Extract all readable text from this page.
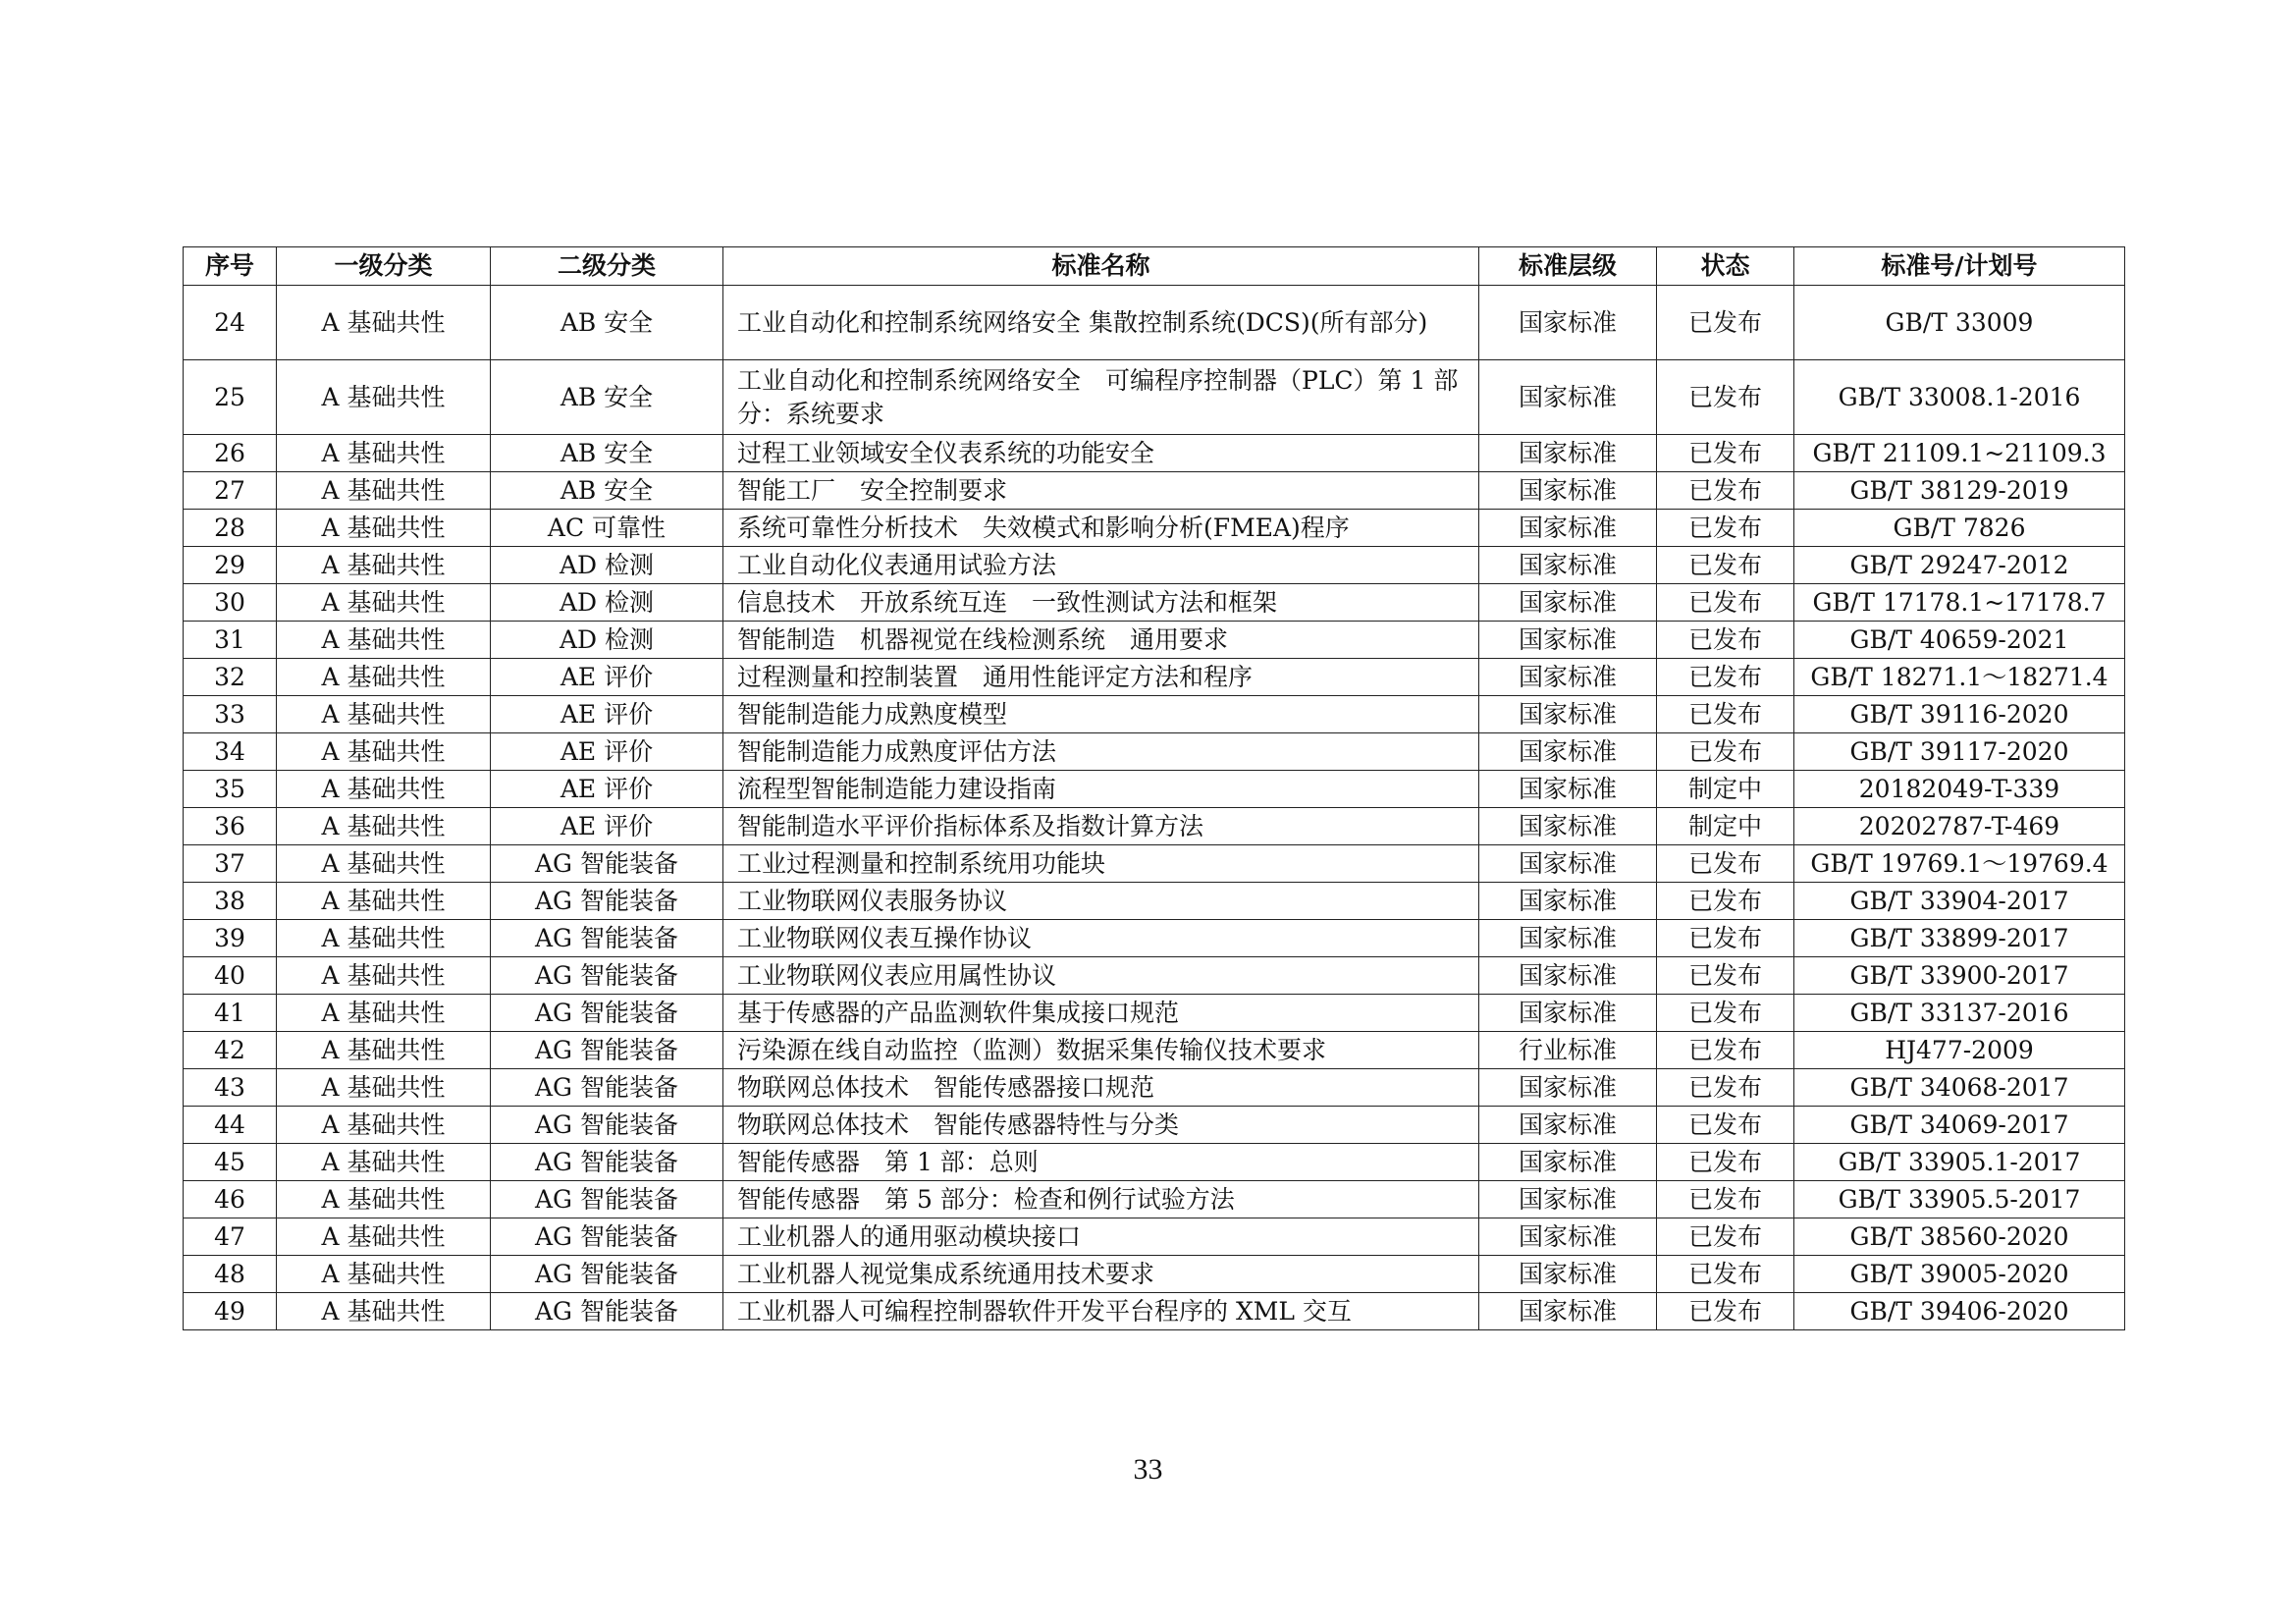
序号	一级分类	二级分类	标准名称	标准层级	状态	标准号/计划号
24	A 基础共性	AB 安全	工业自动化和控制系统网络安全 集散控制系统(DCS)(所有部分)	国家标准	已发布	GB/T 33009
25	A 基础共性	AB 安全	工业自动化和控制系统网络安全　可编程序控制器（PLC）第 1 部分：系统要求	国家标准	已发布	GB/T 33008.1-2016
26	A 基础共性	AB 安全	过程工业领域安全仪表系统的功能安全	国家标准	已发布	GB/T 21109.1~21109.3
27	A 基础共性	AB 安全	智能工厂　安全控制要求	国家标准	已发布	GB/T 38129-2019
28	A 基础共性	AC 可靠性	系统可靠性分析技术　失效模式和影响分析(FMEA)程序	国家标准	已发布	GB/T 7826
29	A 基础共性	AD 检测	工业自动化仪表通用试验方法	国家标准	已发布	GB/T 29247-2012
30	A 基础共性	AD 检测	信息技术　开放系统互连　一致性测试方法和框架	国家标准	已发布	GB/T 17178.1~17178.7
31	A 基础共性	AD 检测	智能制造　机器视觉在线检测系统　通用要求	国家标准	已发布	GB/T 40659-2021
32	A 基础共性	AE 评价	过程测量和控制装置　通用性能评定方法和程序	国家标准	已发布	GB/T 18271.1～18271.4
33	A 基础共性	AE 评价	智能制造能力成熟度模型	国家标准	已发布	GB/T 39116-2020
34	A 基础共性	AE 评价	智能制造能力成熟度评估方法	国家标准	已发布	GB/T 39117-2020
35	A 基础共性	AE 评价	流程型智能制造能力建设指南	国家标准	制定中	20182049-T-339
36	A 基础共性	AE 评价	智能制造水平评价指标体系及指数计算方法	国家标准	制定中	20202787-T-469
37	A 基础共性	AG 智能装备	工业过程测量和控制系统用功能块	国家标准	已发布	GB/T 19769.1～19769.4
38	A 基础共性	AG 智能装备	工业物联网仪表服务协议	国家标准	已发布	GB/T 33904-2017
39	A 基础共性	AG 智能装备	工业物联网仪表互操作协议	国家标准	已发布	GB/T 33899-2017
40	A 基础共性	AG 智能装备	工业物联网仪表应用属性协议	国家标准	已发布	GB/T 33900-2017
41	A 基础共性	AG 智能装备	基于传感器的产品监测软件集成接口规范	国家标准	已发布	GB/T 33137-2016
42	A 基础共性	AG 智能装备	污染源在线自动监控（监测）数据采集传输仪技术要求	行业标准	已发布	HJ477-2009
43	A 基础共性	AG 智能装备	物联网总体技术　智能传感器接口规范	国家标准	已发布	GB/T 34068-2017
44	A 基础共性	AG 智能装备	物联网总体技术　智能传感器特性与分类	国家标准	已发布	GB/T 34069-2017
45	A 基础共性	AG 智能装备	智能传感器　第 1 部：总则	国家标准	已发布	GB/T 33905.1-2017
46	A 基础共性	AG 智能装备	智能传感器　第 5 部分：检查和例行试验方法	国家标准	已发布	GB/T 33905.5-2017
47	A 基础共性	AG 智能装备	工业机器人的通用驱动模块接口	国家标准	已发布	GB/T 38560-2020
48	A 基础共性	AG 智能装备	工业机器人视觉集成系统通用技术要求	国家标准	已发布	GB/T 39005-2020
49	A 基础共性	AG 智能装备	工业机器人可编程控制器软件开发平台程序的 XML 交互	国家标准	已发布	GB/T 39406-2020
33
